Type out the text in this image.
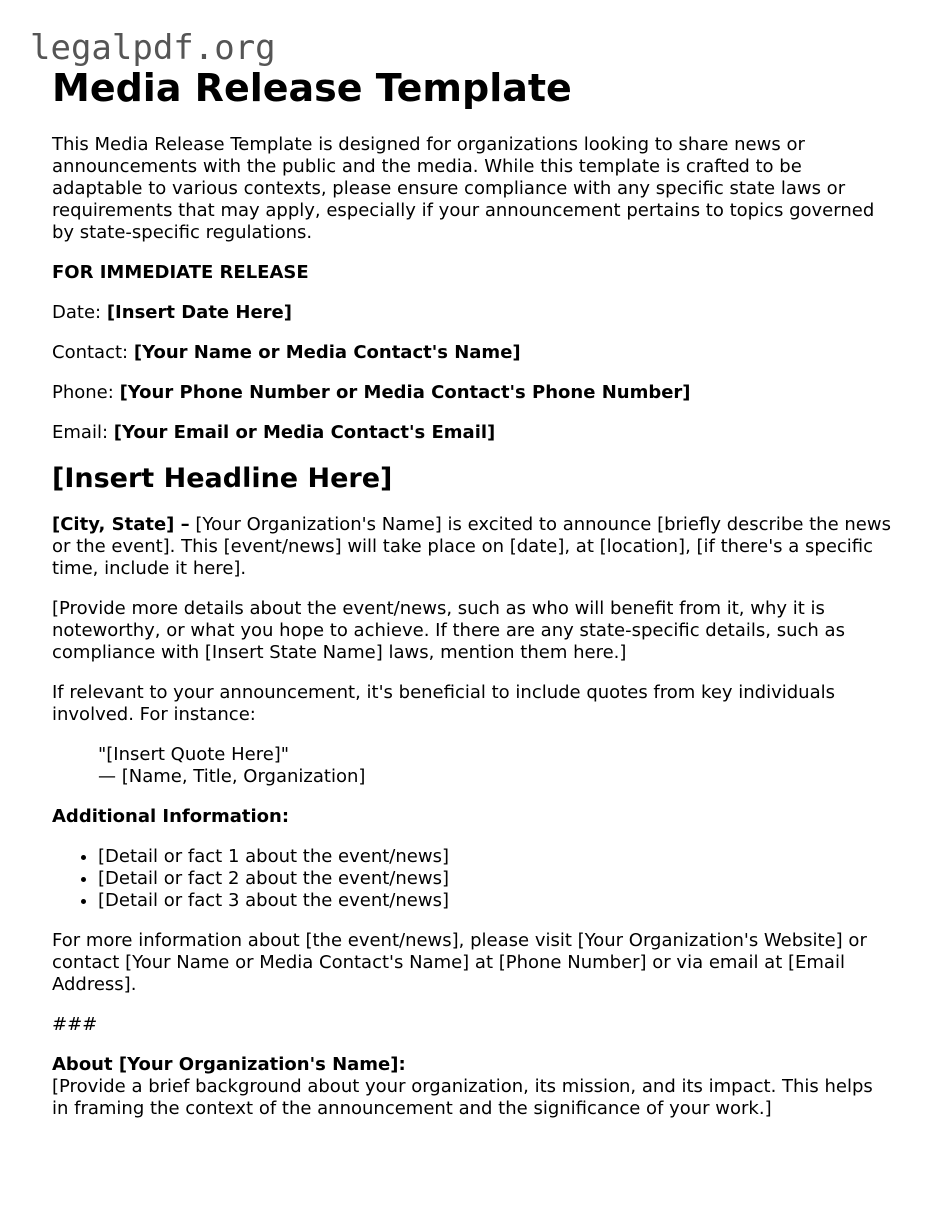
legalpdf.org
Media Release Template

This Media Release Template is designed for organizations looking to share news or announcements with the public and the media. While this template is crafted to be adaptable to various contexts, please ensure compliance with any specific state laws or requirements that may apply, especially if your announcement pertains to topics governed by state-specific regulations.

FOR IMMEDIATE RELEASE

Date: [Insert Date Here]

Contact: [Your Name or Media Contact's Name]

Phone: [Your Phone Number or Media Contact's Phone Number]

Email: [Your Email or Media Contact's Email]

[Insert Headline Here]

[City, State] – [Your Organization's Name] is excited to announce [briefly describe the news or the event]. This [event/news] will take place on [date], at [location], [if there's a specific time, include it here].

[Provide more details about the event/news, such as who will benefit from it, why it is noteworthy, or what you hope to achieve. If there are any state-specific details, such as compliance with [Insert State Name] laws, mention them here.]

If relevant to your announcement, it's beneficial to include quotes from key individuals involved. For instance:

"[Insert Quote Here]"
— [Name, Title, Organization]

Additional Information:

• [Detail or fact 1 about the event/news]
• [Detail or fact 2 about the event/news]
• [Detail or fact 3 about the event/news]

For more information about [the event/news], please visit [Your Organization's Website] or contact [Your Name or Media Contact's Name] at [Phone Number] or via email at [Email Address].

###

About [Your Organization's Name]:
[Provide a brief background about your organization, its mission, and its impact. This helps in framing the context of the announcement and the significance of your work.]
